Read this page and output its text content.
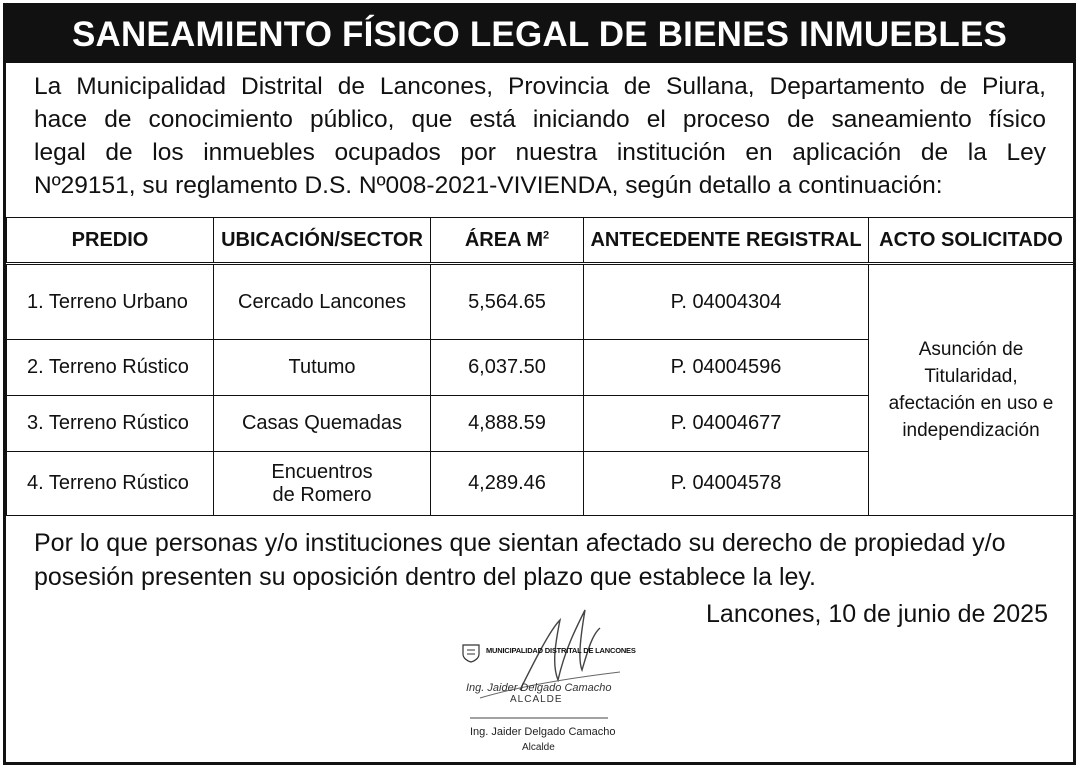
SANEAMIENTO FÍSICO LEGAL DE BIENES INMUEBLES
La Municipalidad Distrital de Lancones, Provincia de Sullana, Departamento de Piura,
hace de conocimiento público, que está iniciando el proceso de saneamiento físico
legal de los inmuebles ocupados por nuestra institución en aplicación de la Ley
Nº29151, su reglamento D.S. Nº008-2021-VIVIENDA, según detallo a continuación:
PREDIO	UBICACIÓN/SECTOR	ÁREA $M^2$	ANTECEDENTE REGISTRAL	ACTO SOLICITADO
1. Terreno Urbano	Cercado Lancones	5,564.65	P. 04004304	Asunción de
Titularidad,
afectación en uso e
independización

2. Terreno Rústico	Tutumo	6,037.50	P. 04004596	
3. Terreno Rústico	Casas Quemadas	4,888.59	P. 04004677	
4. Terreno Rústico	Encuentros
de Romero	4,289.46	P. 04004578	
Por lo que personas y/o instituciones que sientan afectado su derecho de propiedad y/o
posesión presenten su oposición dentro del plazo que establece la ley.
Lancones, 10 de junio de 2025
MUNICIPALIDAD DISTRITAL DE LANCONES
Ing. Jaider Delgado Camacho
ALCALDE
Ing. Jaider Delgado Camacho
Alcalde
